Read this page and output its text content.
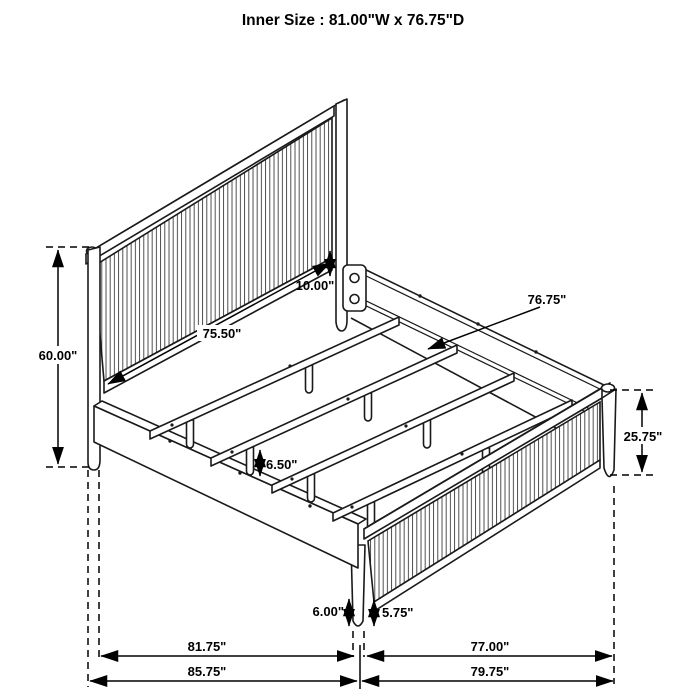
Inner Size : 81.00"W x 76.75"D
60.00"
75.50"
10.00"
76.75"
6.50"
25.75"
6.00"	5.75"
81.75"	77.00"
85.75"	79.75"
